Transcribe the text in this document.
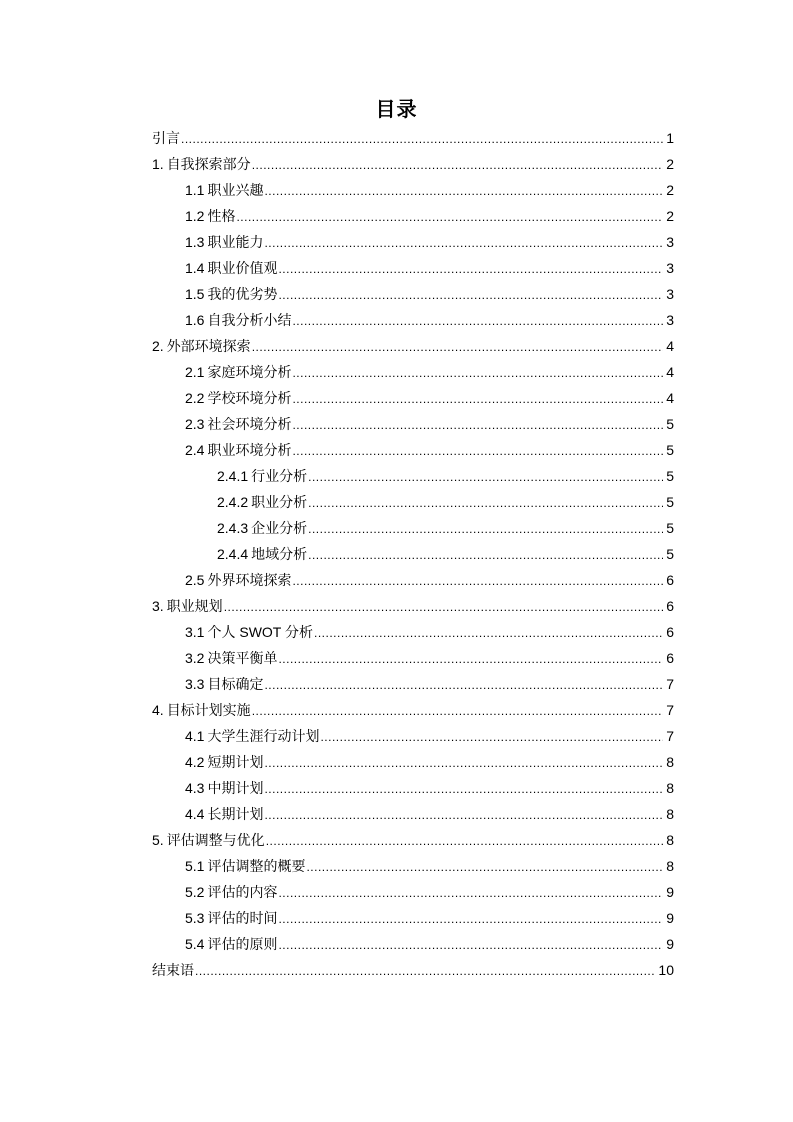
目录
引言 .....	1
1. 自我探索部分 .....	2
1.1 职业兴趣 .....	2
1.2 性格 .....	2
1.3 职业能力 .....	3
1.4 职业价值观 .....	3
1.5 我的优劣势 .....	3
1.6 自我分析小结 .....	3
2. 外部环境探索 .....	4
2.1 家庭环境分析 .....	4
2.2 学校环境分析 .....	4
2.3 社会环境分析 .....	5
2.4 职业环境分析 .....	5
2.4.1 行业分析 .....	5
2.4.2 职业分析 .....	5
2.4.3 企业分析 .....	5
2.4.4 地域分析 .....	5
2.5 外界环境探索 .....	6
3. 职业规划 .....	6
3.1 个人 SWOT 分析 .....	6
3.2 决策平衡单 .....	6
3.3 目标确定 .....	7
4. 目标计划实施 .....	7
4.1 大学生涯行动计划 .....	7
4.2 短期计划 .....	8
4.3 中期计划 .....	8
4.4 长期计划 .....	8
5. 评估调整与优化 .....	8
5.1 评估调整的概要 .....	8
5.2 评估的内容 .....	9
5.3 评估的时间 .....	9
5.4 评估的原则 .....	9
结束语 .....	10
